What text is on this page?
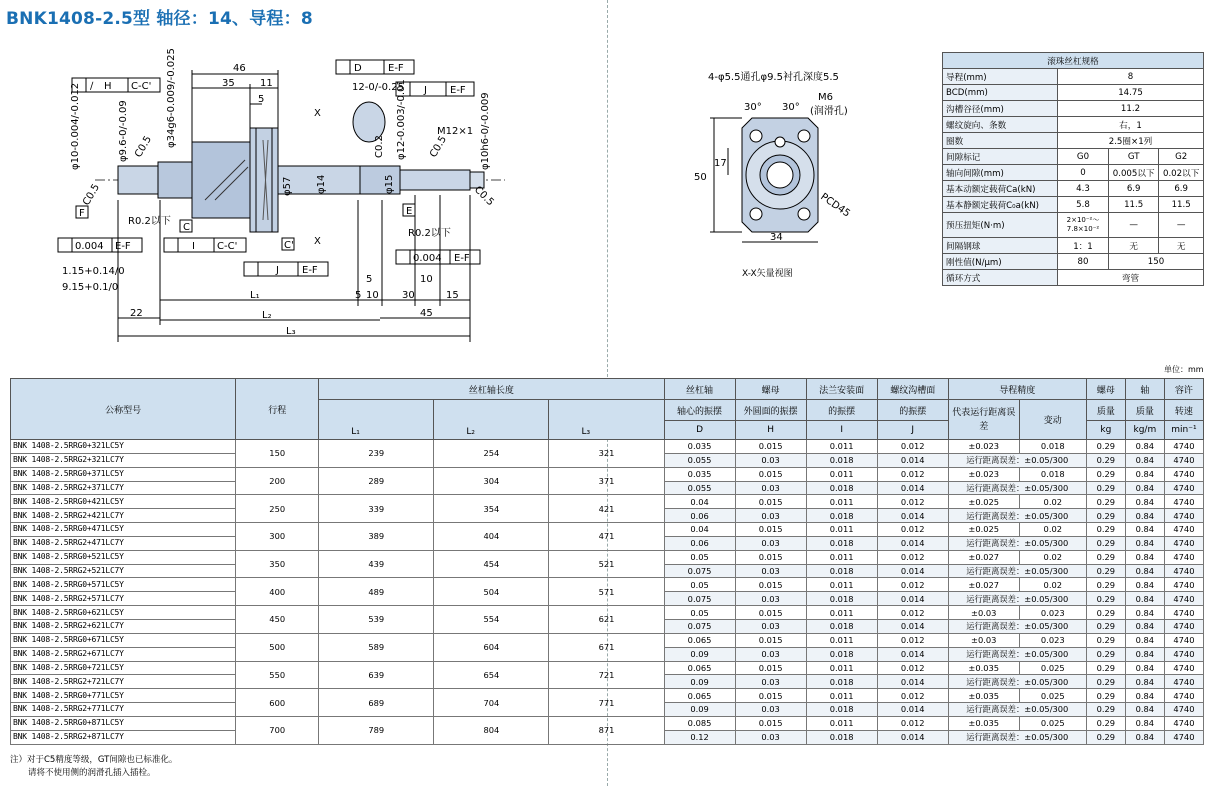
BNK1408-2.5型 轴径：14、导程：8
46
35	11
5
22	45
L₁
L₂
L₃
5 10 30	15
10
5
∕ H C-C'
D	E-F
J E-F
0.004 E-F	I C-C'
J E-F
0.004 E-F
F
C
C'
E
X
X
R0.2以下
R0.2以下
M12×1
12-0/-0.25
1.15+0.14/0
9.15+0.1/0
C0.5
C0.5	C0.5
C0.5
C0.2
φ10-0.004/-0.012	φ9.6-0/-0.09	φ34g6-0.009/-0.025
φ57 φ14	φ15
φ12-0.003/-0.01	φ10h6-0/-0.009
4-φ5.5通孔φ9.5衬孔深度5.5
M6
(润滑孔)
30° 30°
17
50
34
PCD45
X-X矢量视图
滚珠丝杠规格			
导程(mm)	8		
BCD(mm)	14.75		
沟槽谷径(mm)	11.2		
螺纹旋向、条数	右，1		
圈数	2.5圈×1列		
间隙标记	G0	GT	G2
轴向间隙(mm)	0	0.005以下	0.02以下
基本动额定载荷Ca(kN)	4.3	6.9	6.9
基本静额定载荷C₀a(kN)	5.8	11.5	11.5
预压扭矩(N·m)	2×10⁻²～7.8×10⁻²	—	—
间隔钢球	1：1	无	无
刚性值(N/μm)	80	150	
循环方式	弯管		
单位：mm
公称型号	行程	丝杠轴长度			丝杠轴	螺母	法兰安装面	螺纹沟槽面	导程精度		螺母	轴	容许
		L₁	L₂	L₃	轴心的振摆	外圆面的振摆	的振摆	的振摆	代表运行距离误差	变动	质量	质量	转速
					D	H	I	J			kg	kg/m	min⁻¹
BNK 1408-2.5RRG0+321LC5Y	150	239	254	321	0.035	0.015	0.011	0.012	±0.023	0.018	0.29	0.84	4740
BNK 1408-2.5RRG2+321LC7Y					0.055	0.03	0.018	0.014	运行距离误差：±0.05/300		0.29	0.84	4740
BNK 1408-2.5RRG0+371LC5Y	200	289	304	371	0.035	0.015	0.011	0.012	±0.023	0.018	0.29	0.84	4740
BNK 1408-2.5RRG2+371LC7Y					0.055	0.03	0.018	0.014	运行距离误差：±0.05/300		0.29	0.84	4740
BNK 1408-2.5RRG0+421LC5Y	250	339	354	421	0.04	0.015	0.011	0.012	±0.025	0.02	0.29	0.84	4740
BNK 1408-2.5RRG2+421LC7Y					0.06	0.03	0.018	0.014	运行距离误差：±0.05/300		0.29	0.84	4740
BNK 1408-2.5RRG0+471LC5Y	300	389	404	471	0.04	0.015	0.011	0.012	±0.025	0.02	0.29	0.84	4740
BNK 1408-2.5RRG2+471LC7Y					0.06	0.03	0.018	0.014	运行距离误差：±0.05/300		0.29	0.84	4740
BNK 1408-2.5RRG0+521LC5Y	350	439	454	521	0.05	0.015	0.011	0.012	±0.027	0.02	0.29	0.84	4740
BNK 1408-2.5RRG2+521LC7Y					0.075	0.03	0.018	0.014	运行距离误差：±0.05/300		0.29	0.84	4740
BNK 1408-2.5RRG0+571LC5Y	400	489	504	571	0.05	0.015	0.011	0.012	±0.027	0.02	0.29	0.84	4740
BNK 1408-2.5RRG2+571LC7Y					0.075	0.03	0.018	0.014	运行距离误差：±0.05/300		0.29	0.84	4740
BNK 1408-2.5RRG0+621LC5Y	450	539	554	621	0.05	0.015	0.011	0.012	±0.03	0.023	0.29	0.84	4740
BNK 1408-2.5RRG2+621LC7Y					0.075	0.03	0.018	0.014	运行距离误差：±0.05/300		0.29	0.84	4740
BNK 1408-2.5RRG0+671LC5Y	500	589	604	671	0.065	0.015	0.011	0.012	±0.03	0.023	0.29	0.84	4740
BNK 1408-2.5RRG2+671LC7Y					0.09	0.03	0.018	0.014	运行距离误差：±0.05/300		0.29	0.84	4740
BNK 1408-2.5RRG0+721LC5Y	550	639	654	721	0.065	0.015	0.011	0.012	±0.035	0.025	0.29	0.84	4740
BNK 1408-2.5RRG2+721LC7Y					0.09	0.03	0.018	0.014	运行距离误差：±0.05/300		0.29	0.84	4740
BNK 1408-2.5RRG0+771LC5Y	600	689	704	771	0.065	0.015	0.011	0.012	±0.035	0.025	0.29	0.84	4740
BNK 1408-2.5RRG2+771LC7Y					0.09	0.03	0.018	0.014	运行距离误差：±0.05/300		0.29	0.84	4740
BNK 1408-2.5RRG0+871LC5Y	700	789	804	871	0.085	0.015	0.011	0.012	±0.035	0.025	0.29	0.84	4740
BNK 1408-2.5RRG2+871LC7Y					0.12	0.03	0.018	0.014	运行距离误差：±0.05/300		0.29	0.84	4740
注）对于C5精度等级，GT间隙也已标准化。
请将不使用侧的润滑孔插入插栓。
